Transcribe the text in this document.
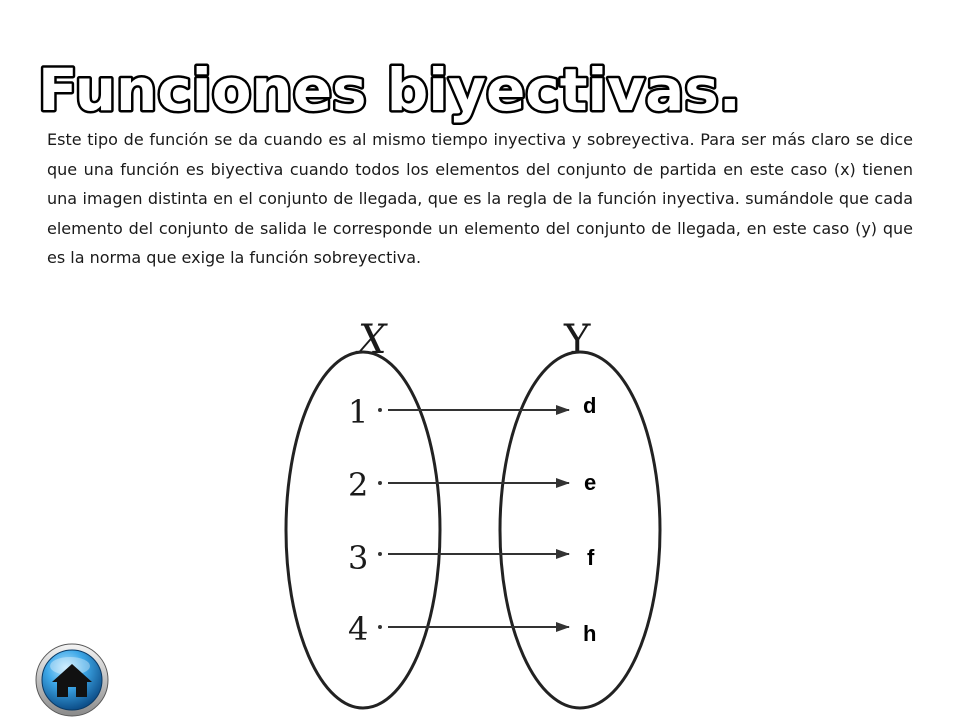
Funciones biyectivas.

Este tipo de función se da cuando es al mismo tiempo inyectiva y sobreyectiva. Para ser más claro se dice que una función es biyectiva cuando todos los elementos del conjunto de partida en este caso (x) tienen una imagen distinta en el conjunto de llegada, que es la regla de la función inyectiva. sumándole que cada elemento del conjunto de salida le corresponde un elemento del conjunto de llegada, en este caso (y) que es la norma que exige la función sobreyectiva.

X	Y
1
2
3
4
d
e
f
h
